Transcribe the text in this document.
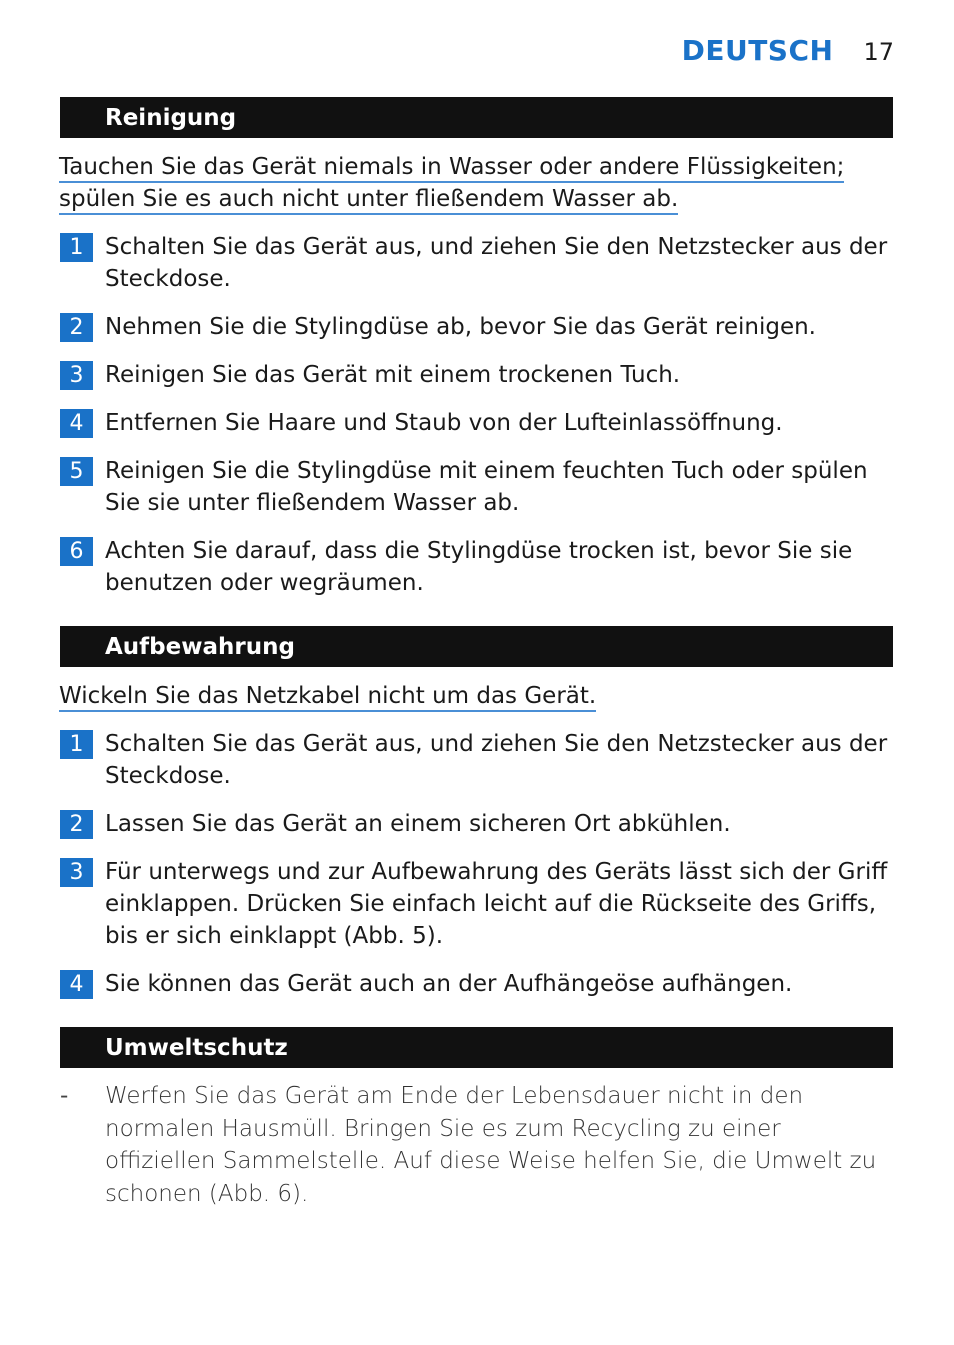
DEUTSCH 17
Reinigung
Tauchen Sie das Gerät niemals in Wasser oder andere Flüssigkeiten; spülen Sie es auch nicht unter fließendem Wasser ab.
1 Schalten Sie das Gerät aus, und ziehen Sie den Netzstecker aus der Steckdose.
2 Nehmen Sie die Stylingdüse ab, bevor Sie das Gerät reinigen.
3 Reinigen Sie das Gerät mit einem trockenen Tuch.
4 Entfernen Sie Haare und Staub von der Lufteinlassöffnung.
5 Reinigen Sie die Stylingdüse mit einem feuchten Tuch oder spülen Sie sie unter fließendem Wasser ab.
6 Achten Sie darauf, dass die Stylingdüse trocken ist, bevor Sie sie benutzen oder wegräumen.
Aufbewahrung
Wickeln Sie das Netzkabel nicht um das Gerät.
1 Schalten Sie das Gerät aus, und ziehen Sie den Netzstecker aus der Steckdose.
2 Lassen Sie das Gerät an einem sicheren Ort abkühlen.
3 Für unterwegs und zur Aufbewahrung des Geräts lässt sich der Griff einklappen. Drücken Sie einfach leicht auf die Rückseite des Griffs, bis er sich einklappt (Abb. 5).
4 Sie können das Gerät auch an der Aufhängeöse aufhängen.
Umweltschutz
-	Werfen Sie das Gerät am Ende der Lebensdauer nicht in den normalen Hausmüll. Bringen Sie es zum Recycling zu einer offiziellen Sammelstelle. Auf diese Weise helfen Sie, die Umwelt zu schonen (Abb. 6).
